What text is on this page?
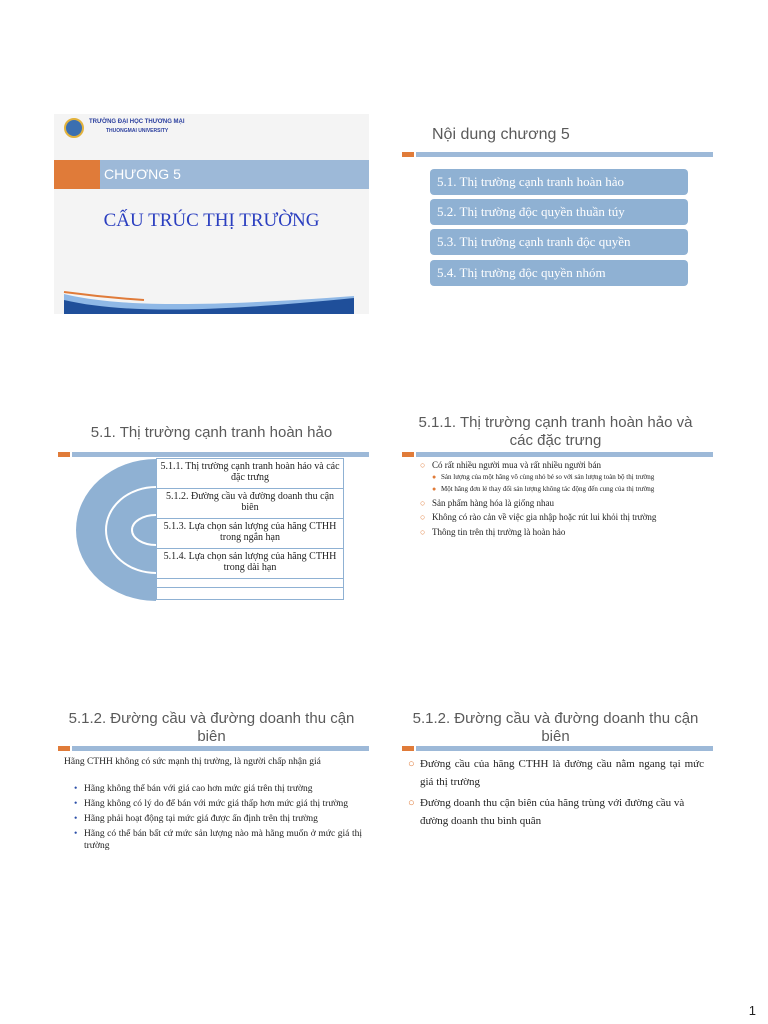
TRƯỜNG ĐẠI HỌC THƯƠNG MẠI
THUONGMAI UNIVERSITY
CHƯƠNG 5
CẤU TRÚC THỊ TRƯỜNG
Nội dung chương 5
5.1. Thị trường cạnh tranh hoàn hảo
5.2. Thị trường độc quyền thuần túy
5.3. Thị trường cạnh tranh độc quyền
5.4. Thị trường độc quyền nhóm
5.1. Thị trường cạnh tranh hoàn hảo
5.1.1. Thị trường cạnh tranh hoàn hảo và các đặc trưng
5.1.2. Đường cầu và đường doanh thu cận biên
5.1.3. Lựa chọn sản lượng của hãng CTHH trong ngắn hạn
5.1.4. Lựa chọn sản lượng của hãng CTHH trong dài hạn
5.1.1. Thị trường cạnh tranh hoàn hảo và các đặc trưng
○ Có rất nhiều người mua và rất nhiều người bán
● Sản lượng của một hãng vô cùng nhỏ bé so với sản lượng toàn bộ thị trường
● Một hãng đơn lẻ thay đổi sản lượng không tác động đến cung của thị trường
○ Sản phẩm hàng hóa là giống nhau
○ Không có rào cản về việc gia nhập hoặc rút lui khỏi thị trường
○ Thông tin trên thị trường là hoàn hảo
5.1.2. Đường cầu và đường doanh thu cận biên
Hãng CTHH không có sức mạnh thị trường, là người chấp nhận giá
• Hãng không thể bán với giá cao hơn mức giá trên thị trường
• Hãng không có lý do để bán với mức giá thấp hơn mức giá thị trường
• Hãng phải hoạt động tại mức giá được ấn định trên thị trường
• Hãng có thể bán bất cứ mức sản lượng nào mà hãng muốn ở mức giá thị trường
5.1.2. Đường cầu và đường doanh thu cận biên
○ Đường cầu của hãng CTHH là đường cầu nằm ngang tại mức giá thị trường
○ Đường doanh thu cận biên của hãng trùng với đường cầu và đường doanh thu bình quân
1
